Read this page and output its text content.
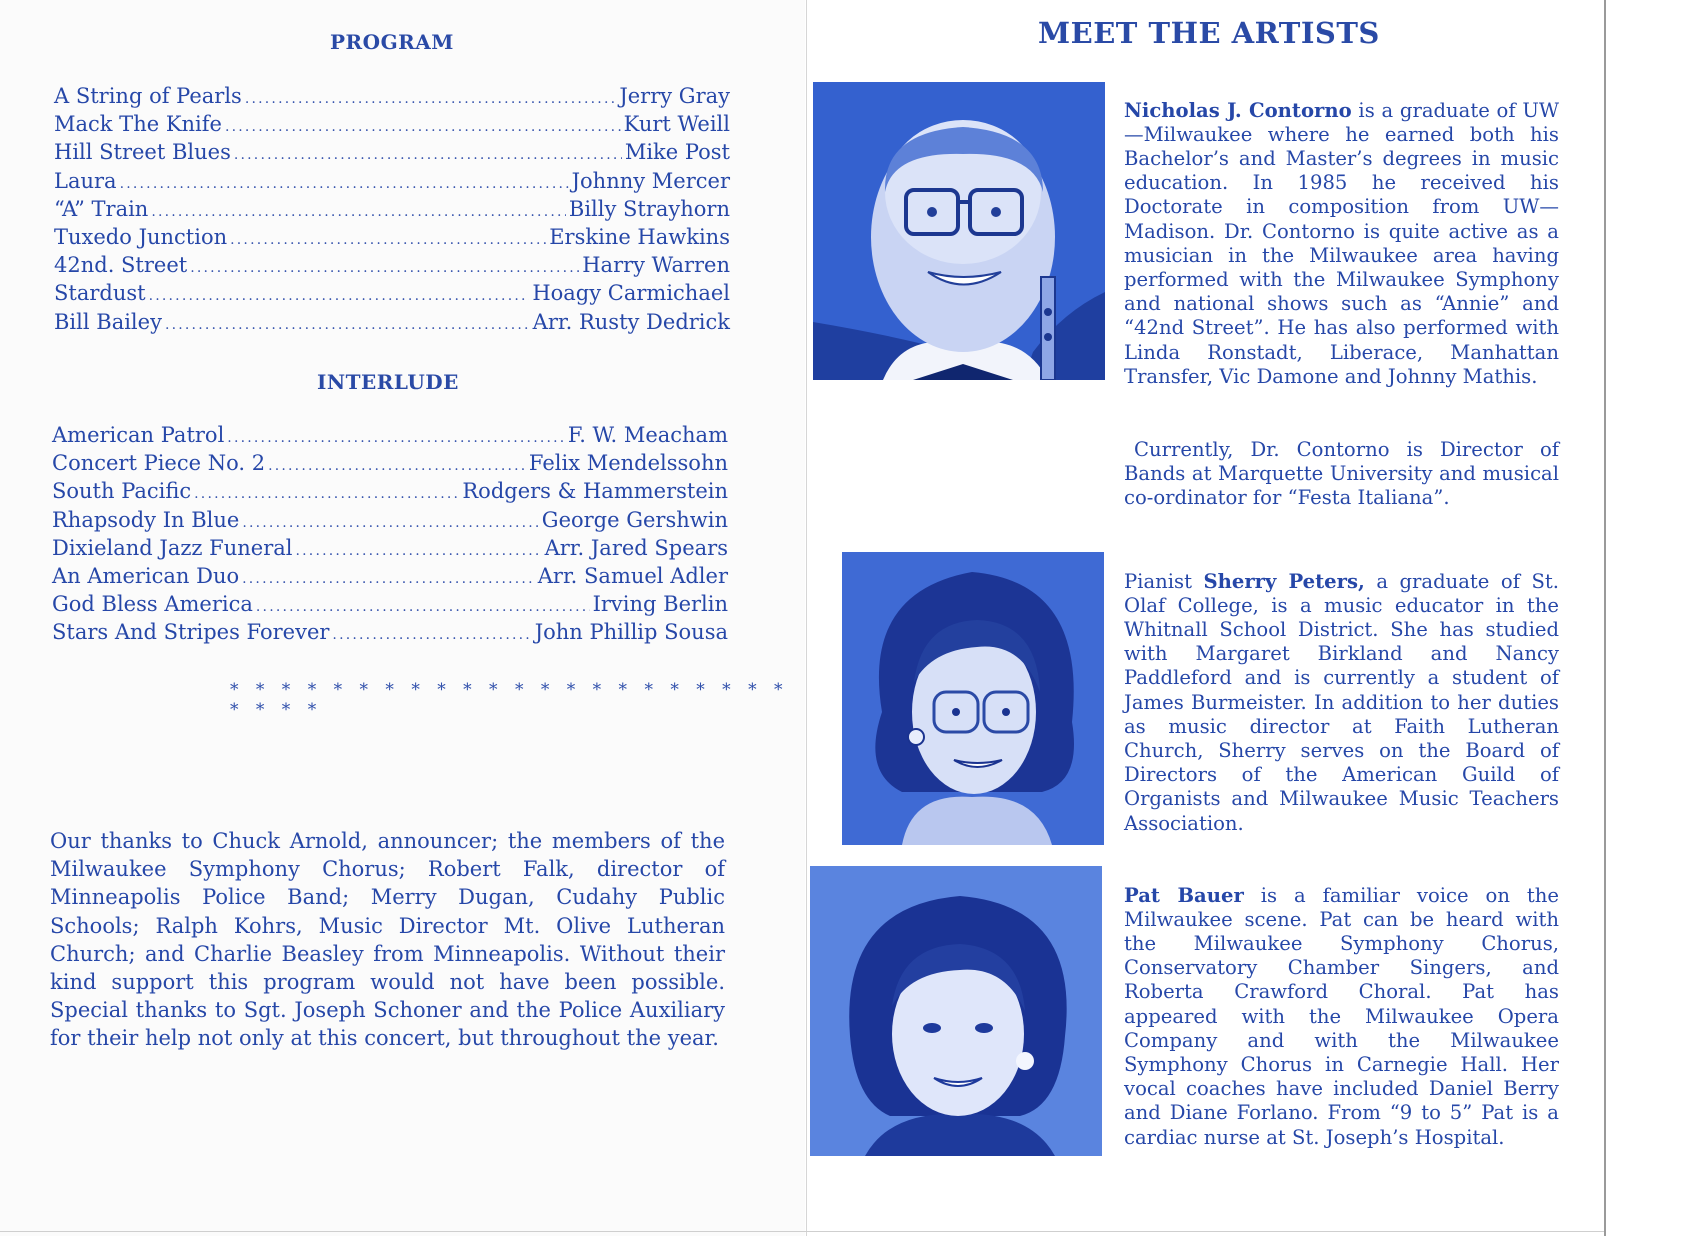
PROGRAM
A String of Pearls .....	Jerry Gray
Mack The Knife .....	Kurt Weill
Hill Street Blues .....	Mike Post
Laura .....	Johnny Mercer
“A” Train .....	Billy Strayhorn
Tuxedo Junction .....	Erskine Hawkins
42nd. Street .....	Harry Warren
Stardust .....	Hoagy Carmichael
Bill Bailey .....	Arr. Rusty Dedrick
INTERLUDE
American Patrol .....	F. W. Meacham
Concert Piece No. 2 .....	Felix Mendelssohn
South Pacific .....	Rodgers & Hammerstein
Rhapsody In Blue .....	George Gershwin
Dixieland Jazz Funeral .....	Arr. Jared Spears
An American Duo .....	Arr. Samuel Adler
God Bless America .....	Irving Berlin
Stars And Stripes Forever .....	John Phillip Sousa
* * * * * * * * * * * * * * * * * * * * * * * * * *

Our thanks to Chuck Arnold, announcer; the members of the Milwaukee Symphony Chorus; Robert Falk, director of Minneapolis Police Band; Merry Dugan, Cudahy Public Schools; Ralph Kohrs, Music Director Mt. Olive Lutheran Church; and Charlie Beasley from Minneapolis. Without their kind support this program would not have been possible. Special thanks to Sgt. Joseph Schoner and the Police Auxiliary for their help not only at this concert, but throughout the year.

MEET THE ARTISTS

Nicholas J. Contorno is a graduate of UW—Milwaukee where he earned both his Bachelor’s and Master’s degrees in music education. In 1985 he received his Doctorate in composition from UW—Madison. Dr. Contorno is quite active as a musician in the Milwaukee area having performed with the Milwaukee Symphony and national shows such as “Annie” and “42nd Street”. He has also performed with Linda Ronstadt, Liberace, Manhattan Transfer, Vic Damone and Johnny Mathis.

Currently, Dr. Contorno is Director of Bands at Marquette University and musical co-ordinator for “Festa Italiana”.

Pianist Sherry Peters, a graduate of St. Olaf College, is a music educator in the Whitnall School District. She has studied with Margaret Birkland and Nancy Paddleford and is currently a student of James Burmeister. In addition to her duties as music director at Faith Lutheran Church, Sherry serves on the Board of Directors of the American Guild of Organists and Milwaukee Music Teachers Association.

Pat Bauer is a familiar voice on the Milwaukee scene. Pat can be heard with the Milwaukee Symphony Chorus, Conservatory Chamber Singers, and Roberta Crawford Choral. Pat has appeared with the Milwaukee Opera Company and with the Milwaukee Symphony Chorus in Carnegie Hall. Her vocal coaches have included Daniel Berry and Diane Forlano. From “9 to 5” Pat is a cardiac nurse at St. Joseph’s Hospital.
